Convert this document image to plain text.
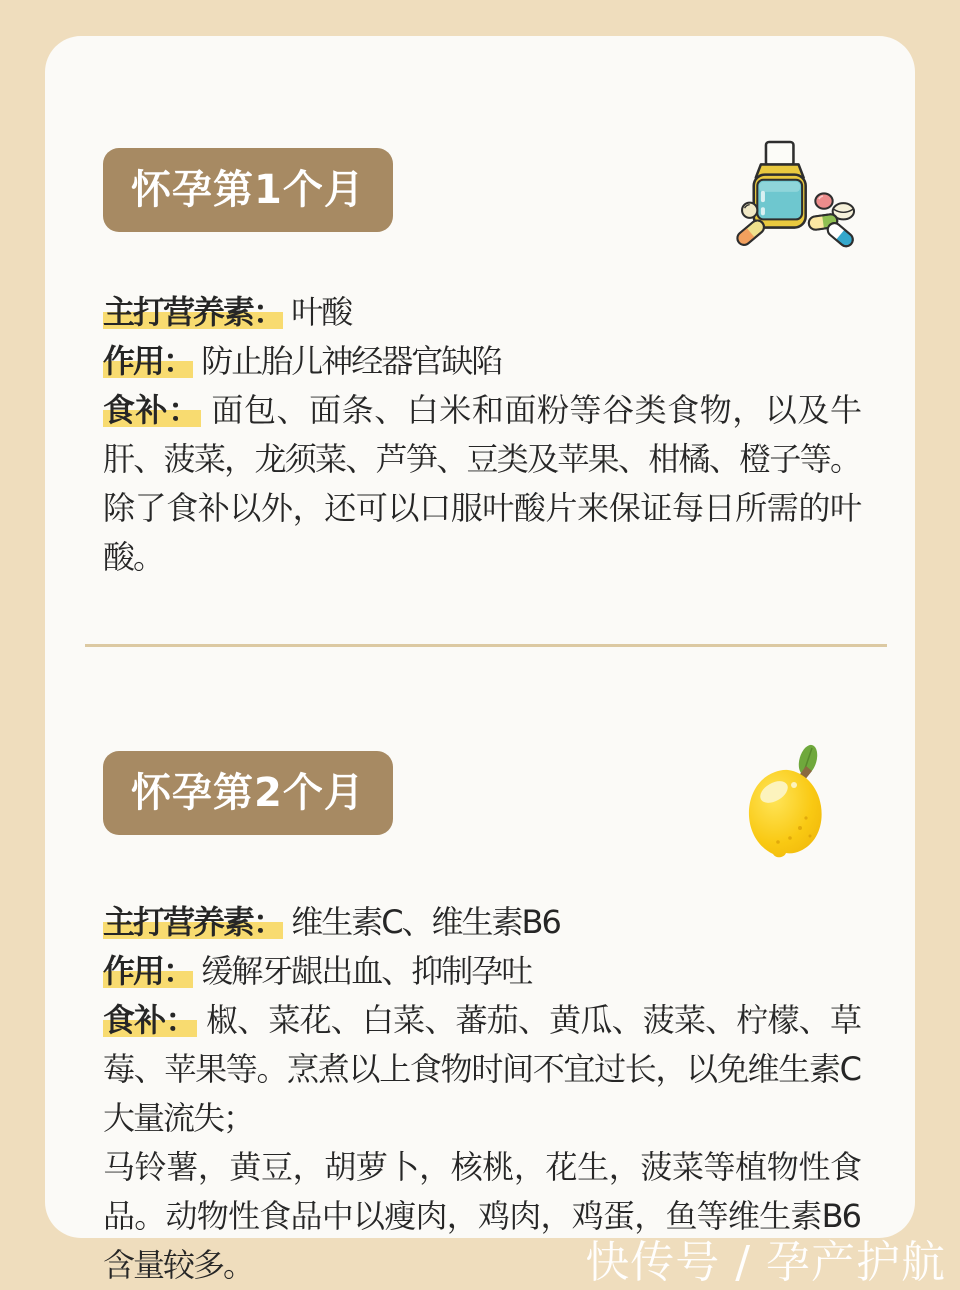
怀孕第1个月

主打营养素： 叶酸

作用： 防止胎儿神经器官缺陷

食补： 面包、面条、白米和面粉等谷类食物，以及牛肝、菠菜，龙须菜、芦笋、豆类及苹果、柑橘、橙子等。除了食补以外，还可以口服叶酸片来保证每日所需的叶酸。

怀孕第2个月

主打营养素： 维生素C、维生素B6

作用： 缓解牙龈出血、抑制孕吐

食补： 椒、菜花、白菜、蕃茄、黄瓜、菠菜、柠檬、草莓、苹果等。烹煮以上食物时间不宜过长，以免维生素C大量流失；

马铃薯，黄豆，胡萝卜，核桃，花生，菠菜等植物性食品。动物性食品中以瘦肉，鸡肉，鸡蛋，鱼等维生素B6含量较多。	快传号 / 孕产护航
